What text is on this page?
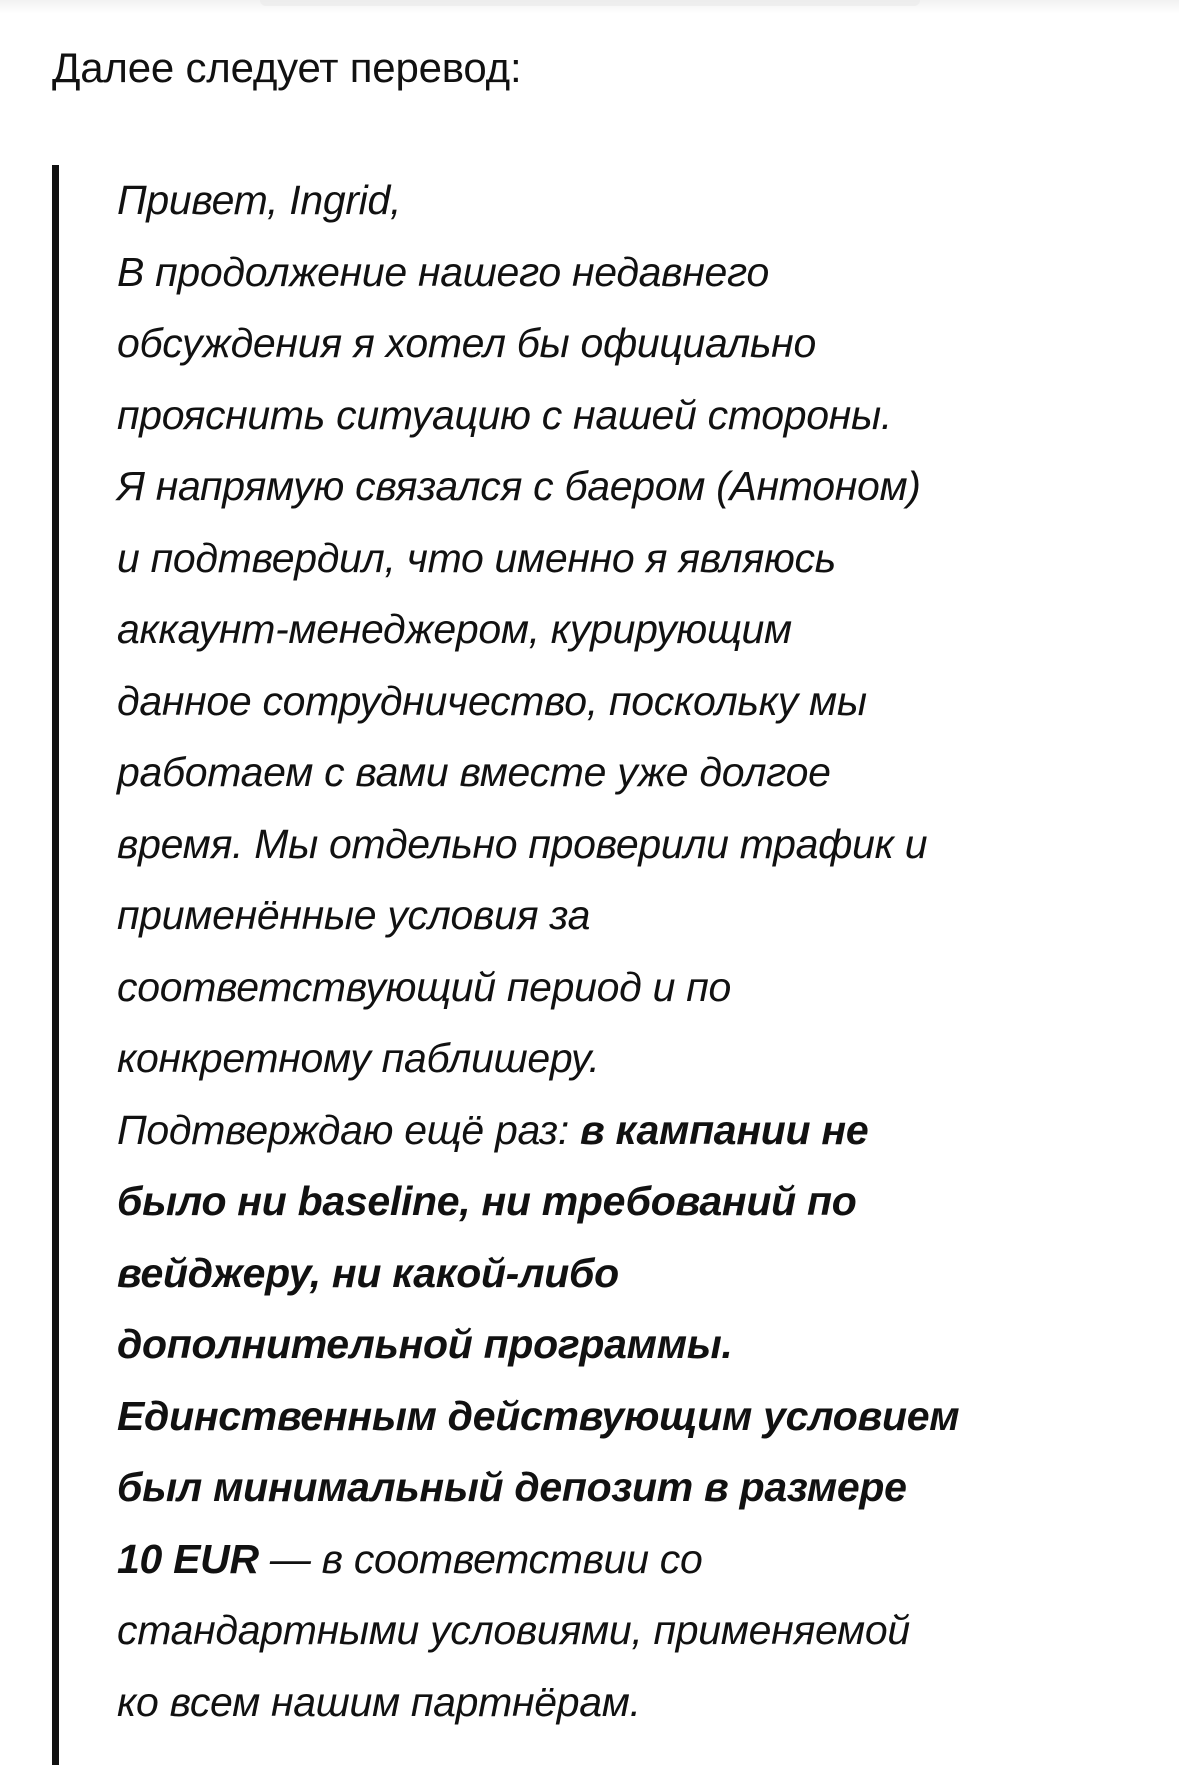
Далее следует перевод:

Привет, Ingrid,

В продолжение нашего недавнего

обсуждения я хотел бы официально

прояснить ситуацию с нашей стороны.

Я напрямую связался с баером (Антоном)

и подтвердил, что именно я являюсь

аккаунт-менеджером, курирующим

данное сотрудничество, поскольку мы

работаем с вами вместе уже долгое

время. Мы отдельно проверили трафик и

применённые условия за

соответствующий период и по

конкретному паблишеру.

Подтверждаю ещё раз: в кампании не

было ни baseline, ни требований по

вейджеру, ни какой-либо

дополнительной программы.

Единственным действующим условием

был минимальный депозит в размере

10 EUR — в соответствии со

стандартными условиями, применяемой

ко всем нашим партнёрам.
